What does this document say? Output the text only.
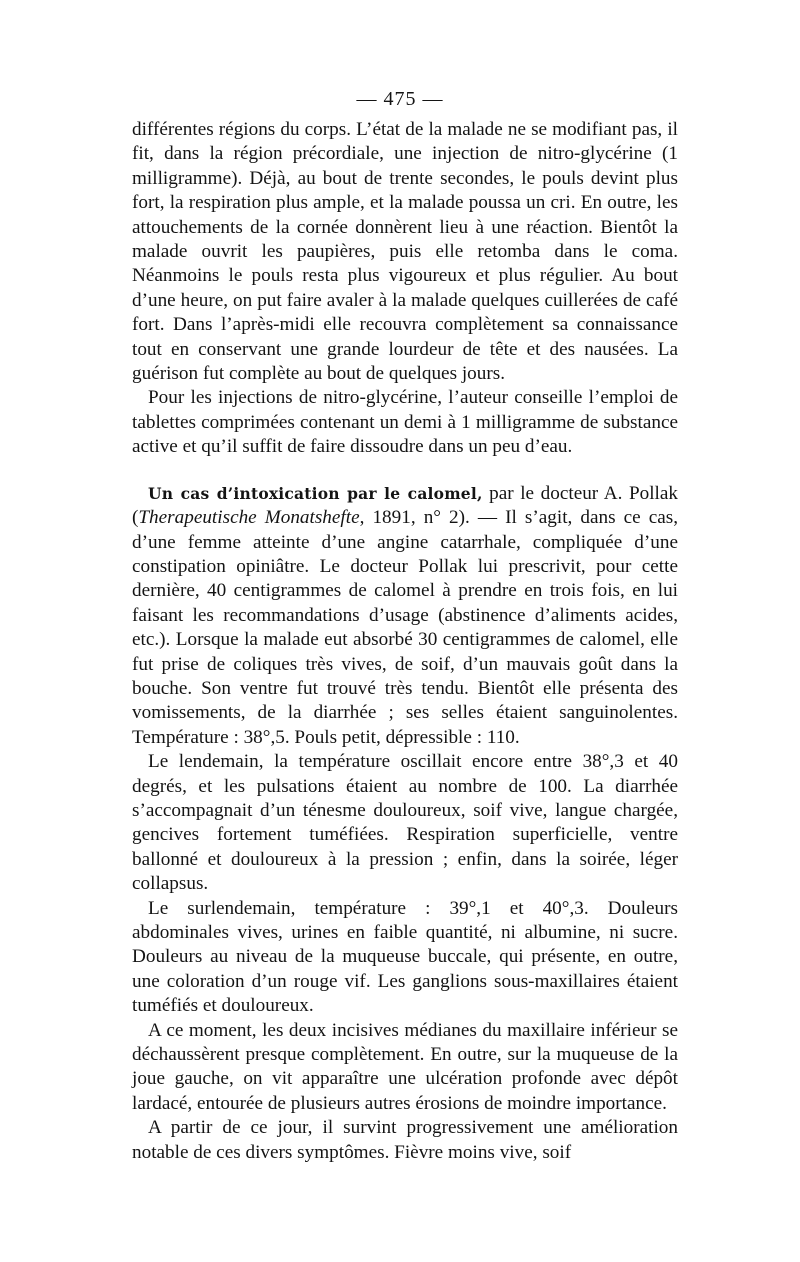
— 475 —

différentes régions du corps. L’état de la malade ne se modifiant pas, il fit, dans la région précordiale, une injection de nitro-glycérine (1 milligramme). Déjà, au bout de trente secondes, le pouls devint plus fort, la respiration plus ample, et la malade poussa un cri. En outre, les attouchements de la cornée donnèrent lieu à une réaction. Bientôt la malade ouvrit les paupières, puis elle retomba dans le coma. Néanmoins le pouls resta plus vigoureux et plus régulier. Au bout d’une heure, on put faire avaler à la malade quelques cuillerées de café fort. Dans l’après-midi elle recouvra complètement sa connaissance tout en conservant une grande lourdeur de tête et des nausées. La guérison fut complète au bout de quelques jours.

Pour les injections de nitro-glycérine, l’auteur conseille l’emploi de tablettes comprimées contenant un demi à 1 milligramme de substance active et qu’il suffit de faire dissoudre dans un peu d’eau.

Un cas d’intoxication par le calomel, par le docteur A. Pollak (Therapeutische Monatshefte, 1891, n° 2). — Il s’agit, dans ce cas, d’une femme atteinte d’une angine catarrhale, compliquée d’une constipation opiniâtre. Le docteur Pollak lui prescrivit, pour cette dernière, 40 centigrammes de calomel à prendre en trois fois, en lui faisant les recommandations d’usage (abstinence d’aliments acides, etc.). Lorsque la malade eut absorbé 30 centigrammes de calomel, elle fut prise de coliques très vives, de soif, d’un mauvais goût dans la bouche. Son ventre fut trouvé très tendu. Bientôt elle présenta des vomissements, de la diarrhée ; ses selles étaient sanguinolentes. Température : 38°,5. Pouls petit, dépressible : 110.

Le lendemain, la température oscillait encore entre 38°,3 et 40 degrés, et les pulsations étaient au nombre de 100. La diarrhée s’accompagnait d’un ténesme douloureux, soif vive, langue chargée, gencives fortement tuméfiées. Respiration superficielle, ventre ballonné et douloureux à la pression ; enfin, dans la soirée, léger collapsus.

Le surlendemain, température : 39°,1 et 40°,3. Douleurs abdominales vives, urines en faible quantité, ni albumine, ni sucre. Douleurs au niveau de la muqueuse buccale, qui présente, en outre, une coloration d’un rouge vif. Les ganglions sous-maxillaires étaient tuméfiés et douloureux.

A ce moment, les deux incisives médianes du maxillaire inférieur se déchaussèrent presque complètement. En outre, sur la muqueuse de la joue gauche, on vit apparaître une ulcération profonde avec dépôt lardacé, entourée de plusieurs autres érosions de moindre importance.

A partir de ce jour, il survint progressivement une amélioration notable de ces divers symptômes. Fièvre moins vive, soif
